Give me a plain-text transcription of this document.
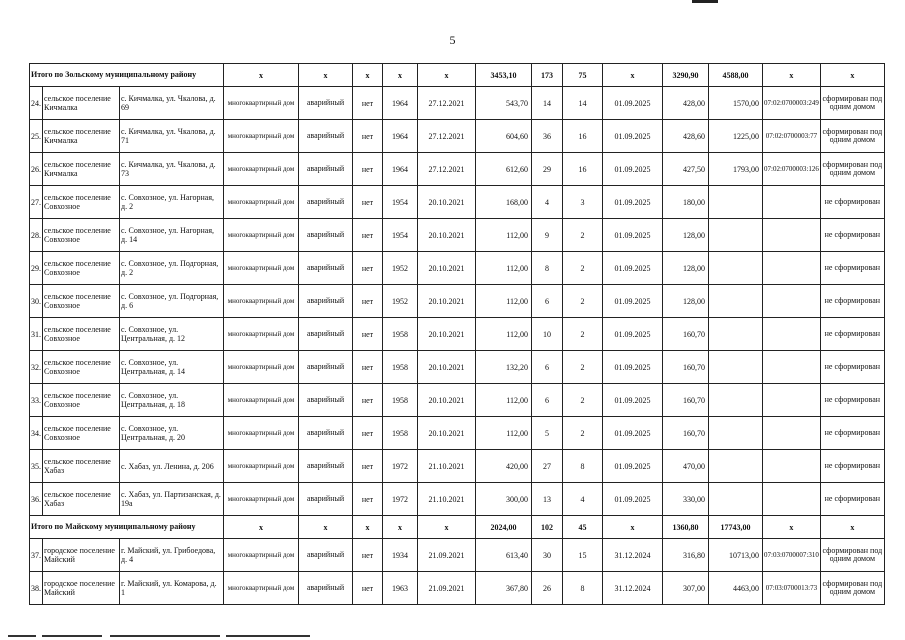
5
Итого по Зольскому муниципальному району			х	х	х	х	х	3453,10	173	75	х	3290,90	4588,00	х	х
24.	сельское поселение Кичмалка	с. Кичмалка, ул. Чкалова, д. 69	многоквартирный дом	аварийный	нет	1964	27.12.2021	543,70	14	14	01.09.2025	428,00	1570,00	07:02:0700003:249	сформирован под одним домом
25.	сельское поселение Кичмалка	с. Кичмалка, ул. Чкалова, д. 71	многоквартирный дом	аварийный	нет	1964	27.12.2021	604,60	36	16	01.09.2025	428,60	1225,00	07:02:0700003:77	сформирован под одним домом
26.	сельское поселение Кичмалка	с. Кичмалка, ул. Чкалова, д. 73	многоквартирный дом	аварийный	нет	1964	27.12.2021	612,60	29	16	01.09.2025	427,50	1793,00	07:02:0700003:126	сформирован под одним домом
27.	сельское поселение Совхозное	с. Совхозное, ул. Нагорная, д. 2	многоквартирный дом	аварийный	нет	1954	20.10.2021	168,00	4	3	01.09.2025	180,00			не сформирован
28.	сельское поселение Совхозное	с. Совхозное, ул. Нагорная, д. 14	многоквартирный дом	аварийный	нет	1954	20.10.2021	112,00	9	2	01.09.2025	128,00			не сформирован
29.	сельское поселение Совхозное	с. Совхозное, ул. Подгорная, д. 2	многоквартирный дом	аварийный	нет	1952	20.10.2021	112,00	8	2	01.09.2025	128,00			не сформирован
30.	сельское поселение Совхозное	с. Совхозное, ул. Подгорная, д. 6	многоквартирный дом	аварийный	нет	1952	20.10.2021	112,00	6	2	01.09.2025	128,00			не сформирован
31.	сельское поселение Совхозное	с. Совхозное, ул. Центральная, д. 12	многоквартирный дом	аварийный	нет	1958	20.10.2021	112,00	10	2	01.09.2025	160,70			не сформирован
32.	сельское поселение Совхозное	с. Совхозное, ул. Центральная, д. 14	многоквартирный дом	аварийный	нет	1958	20.10.2021	132,20	6	2	01.09.2025	160,70			не сформирован
33.	сельское поселение Совхозное	с. Совхозное, ул. Центральная, д. 18	многоквартирный дом	аварийный	нет	1958	20.10.2021	112,00	6	2	01.09.2025	160,70			не сформирован
34.	сельское поселение Совхозное	с. Совхозное, ул. Центральная, д. 20	многоквартирный дом	аварийный	нет	1958	20.10.2021	112,00	5	2	01.09.2025	160,70			не сформирован
35.	сельское поселение Хабаз	с. Хабаз, ул. Ленина, д. 206	многоквартирный дом	аварийный	нет	1972	21.10.2021	420,00	27	8	01.09.2025	470,00			не сформирован
36.	сельское поселение Хабаз	с. Хабаз, ул. Партизанская, д. 19а	многоквартирный дом	аварийный	нет	1972	21.10.2021	300,00	13	4	01.09.2025	330,00			не сформирован
Итого по Майскому муниципальному району			х	х	х	х	х	2024,00	102	45	х	1360,80	17743,00	х	х
37.	городское поселение Майский	г. Майский, ул. Грибоедова, д. 4	многоквартирный дом	аварийный	нет	1934	21.09.2021	613,40	30	15	31.12.2024	316,80	10713,00	07:03:0700007:310	сформирован под одним домом
38.	городское поселение Майский	г. Майский, ул. Комарова, д. 1	многоквартирный дом	аварийный	нет	1963	21.09.2021	367,80	26	8	31.12.2024	307,00	4463,00	07:03:0700013:73	сформирован под одним домом
